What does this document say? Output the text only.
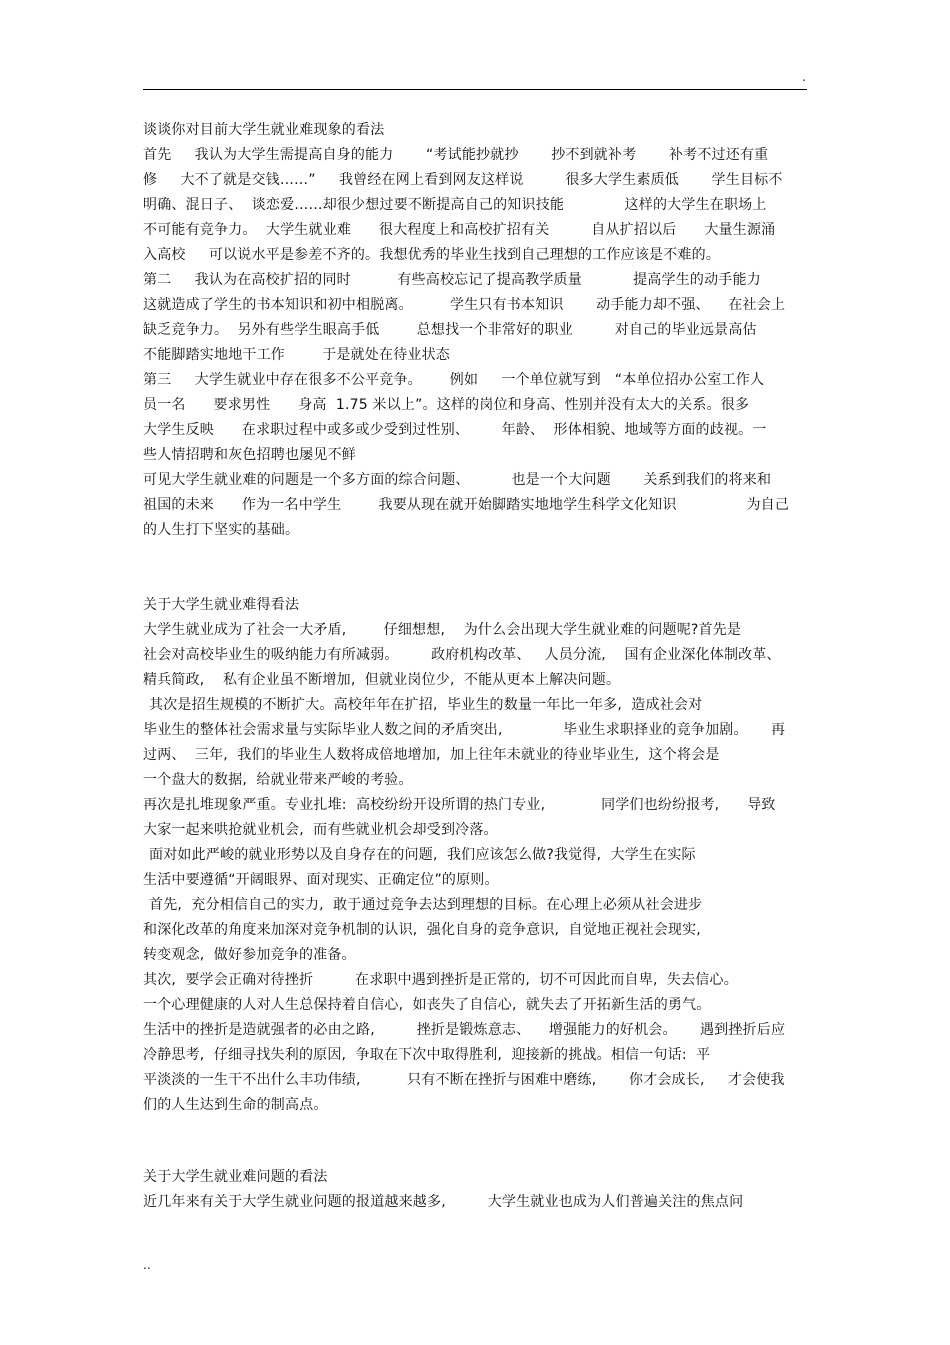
.
谈谈你对目前大学生就业难现象的看法
首先     我认为大学生需提高自身的能力       “考试能抄就抄       抄不到就补考       补考不过还有重
修     大不了就是交钱……”     我曾经在网上看到网友这样说         很多大学生素质低       学生目标不
明确、混日子、  谈恋爱……却很少想过要不断提高自己的知识技能             这样的大学生在职场上
不可能有竞争力。  大学生就业难      很大程度上和高校扩招有关         自从扩招以后      大量生源涌
入高校     可以说水平是参差不齐的。我想优秀的毕业生找到自己理想的工作应该是不难的。
第二     我认为在高校扩招的同时          有些高校忘记了提高教学质量           提高学生的动手能力
这就造成了学生的书本知识和初中相脱离。        学生只有书本知识       动手能力却不强、    在社会上
缺乏竞争力。  另外有些学生眼高手低        总想找一个非常好的职业         对自己的毕业远景高估
不能脚踏实地地干工作        于是就处在待业状态
第三     大学生就业中存在很多不公平竞争。      例如     一个单位就写到   “本单位招办公室工作人
员一名      要求男性      身高  1.75 米以上”。这样的岗位和身高、性别并没有太大的关系。很多
大学生反映      在求职过程中或多或少受到过性别、       年龄、  形体相貌、地域等方面的歧视。一
些人情招聘和灰色招聘也屡见不鲜
可见大学生就业难的问题是一个多方面的综合问题、         也是一个大问题       关系到我们的将来和
祖国的未来      作为一名中学生        我要从现在就开始脚踏实地地学生科学文化知识               为自己
的人生打下坚实的基础。
关于大学生就业难得看法
大学生就业成为了社会一大矛盾,        仔细想想,    为什么会出现大学生就业难的问题呢?首先是
社会对高校毕业生的吸纳能力有所减弱。       政府机构改革、   人员分流,    国有企业深化体制改革、
精兵简政,    私有企业虽不断增加,  但就业岗位少,  不能从更本上解决问题。
其次是招生规模的不断扩大。高校年年在扩招,  毕业生的数量一年比一年多,  造成社会对
毕业生的整体社会需求量与实际毕业人数之间的矛盾突出,             毕业生求职择业的竞争加剧。     再
过两、  三年,  我们的毕业生人数将成倍地增加,  加上往年未就业的待业毕业生,  这个将会是
一个盘大的数据,  给就业带来严峻的考验。
再次是扎堆现象严重。专业扎堆:  高校纷纷开设所谓的热门专业,            同学们也纷纷报考,      导致
大家一起来哄抢就业机会,  而有些就业机会却受到冷落。
面对如此严峻的就业形势以及自身存在的问题,  我们应该怎么做?我觉得,  大学生在实际
生活中要遵循“开阔眼界、面对现实、正确定位”的原则。
首先,  充分相信自己的实力,  敢于通过竞争去达到理想的目标。在心理上必须从社会进步
和深化改革的角度来加深对竞争机制的认识,  强化自身的竞争意识,  自觉地正视社会现实,
转变观念,  做好参加竞争的准备。
其次,  要学会正确对待挫折         在求职中遇到挫折是正常的,  切不可因此而自卑,  失去信心。
一个心理健康的人对人生总保持着自信心,  如丧失了自信心,  就失去了开拓新生活的勇气。
生活中的挫折是造就强者的必由之路,         挫折是锻炼意志、    增强能力的好机会。     遇到挫折后应
冷静思考,  仔细寻找失利的原因,  争取在下次中取得胜利,  迎接新的挑战。相信一句话:  平
平淡淡的一生干不出什么丰功伟绩,          只有不断在挫折与困难中磨练,       你才会成长,     才会使我
们的人生达到生命的制高点。
关于大学生就业难问题的看法
近几年来有关于大学生就业问题的报道越来越多,         大学生就业也成为人们普遍关注的焦点问
..
